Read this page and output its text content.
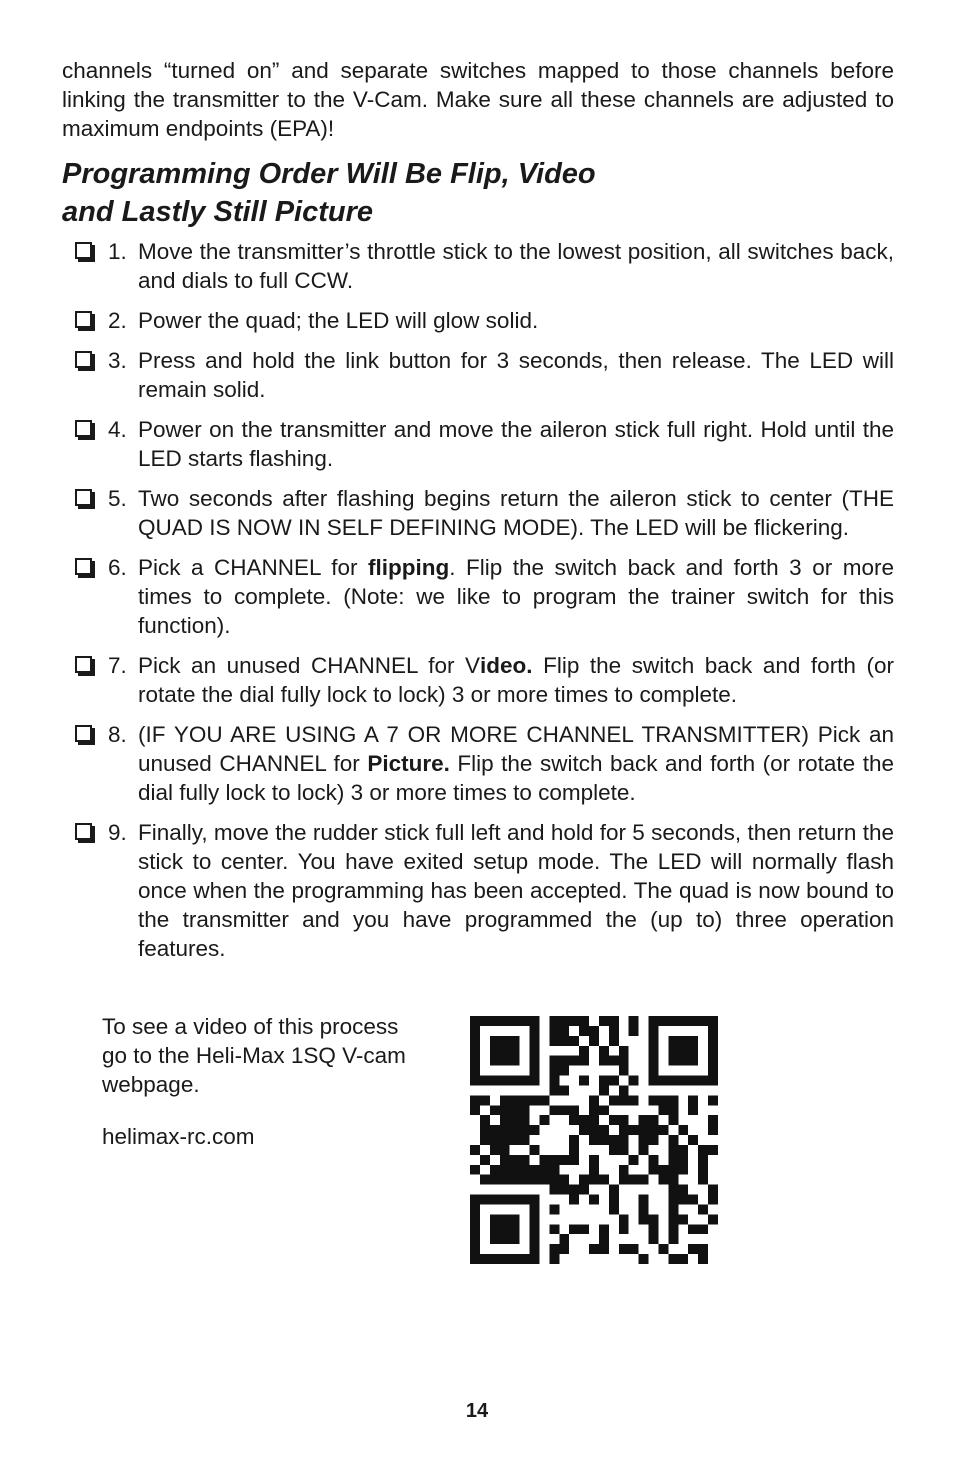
channels “turned on” and separate switches mapped to those channels before linking the transmitter to the V-Cam. Make sure all these channels are adjusted to maximum endpoints (EPA)!

Programming Order Will Be Flip, Video
and Lastly Still Picture
1. Move the transmitter’s throttle stick to the lowest position, all switches back, and dials to full CCW.
2. Power the quad; the LED will glow solid.
3. Press and hold the link button for 3 seconds, then release. The LED will remain solid.
4. Power on the transmitter and move the aileron stick full right. Hold until the LED starts flashing.
5. Two seconds after flashing begins return the aileron stick to center (THE QUAD IS NOW IN SELF DEFINING MODE). The LED will be flickering.
6. Pick a CHANNEL for flipping. Flip the switch back and forth 3 or more times to complete. (Note: we like to program the trainer switch for this function).
7. Pick an unused CHANNEL for Video. Flip the switch back and forth (or rotate the dial fully lock to lock) 3 or more times to complete.
8. (IF YOU ARE USING A 7 OR MORE CHANNEL TRANSMITTER) Pick an unused CHANNEL for Picture. Flip the switch back and forth (or rotate the dial fully lock to lock) 3 or more times to complete.
9. Finally, move the rudder stick full left and hold for 5 seconds, then return the stick to center. You have exited setup mode. The LED will normally flash once when the programming has been accepted. The quad is now bound to the transmitter and you have programmed the (up to) three operation features.

To see a video of this process go to the Heli-Max 1SQ V-cam webpage.

helimax-rc.com

14
